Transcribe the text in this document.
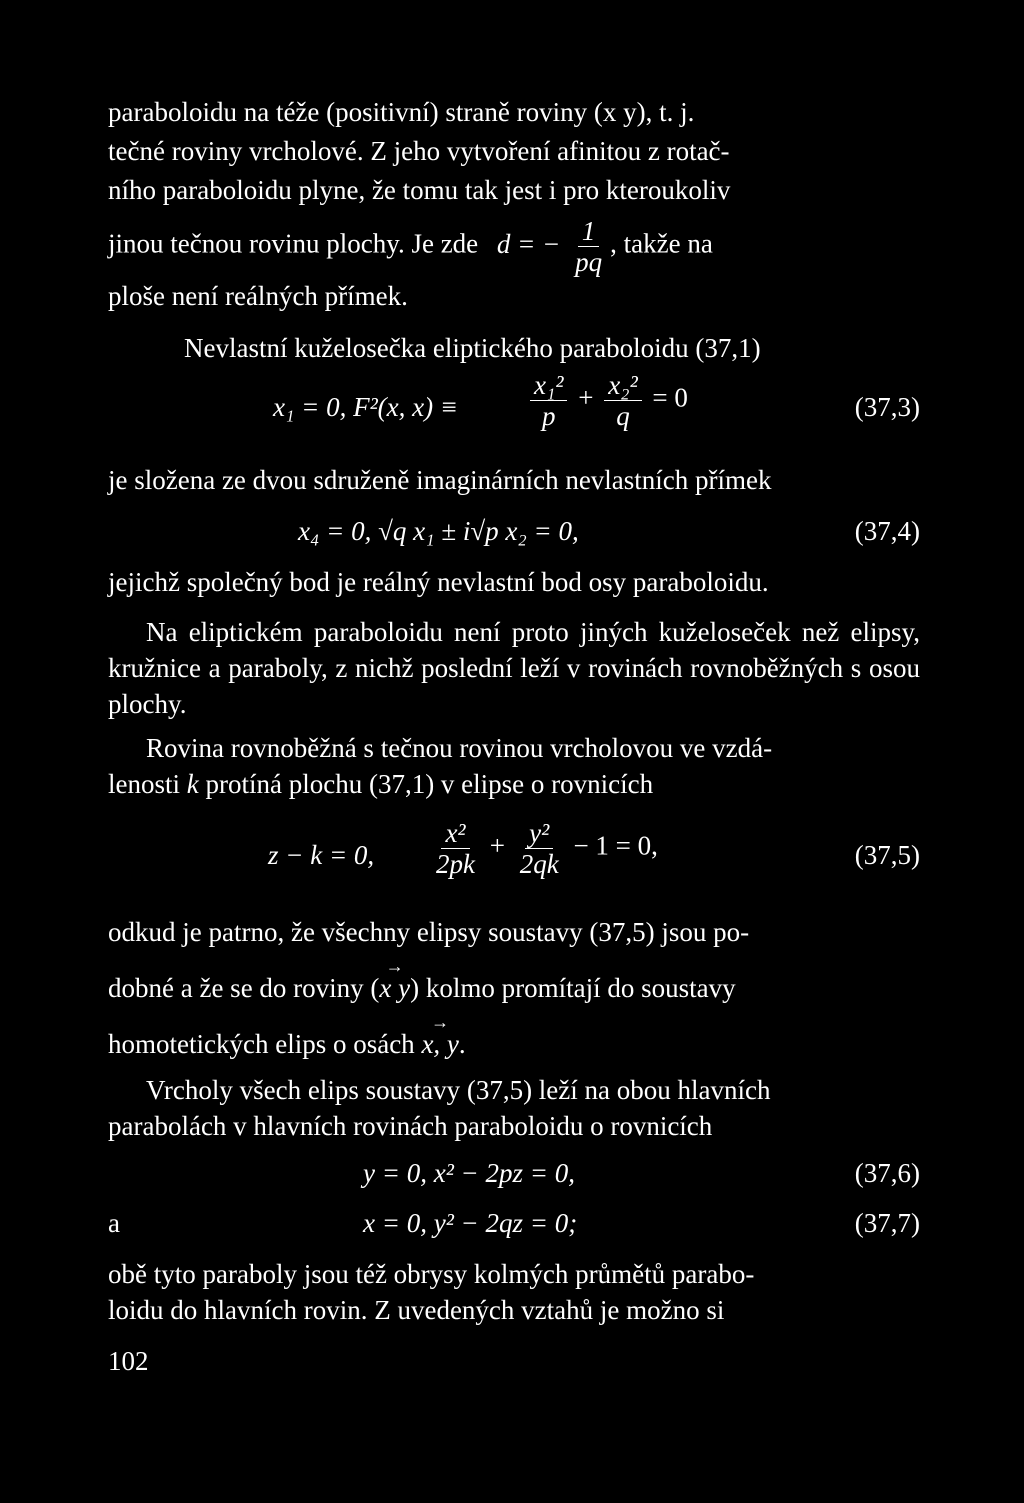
paraboloidu na téže (positivní) straně roviny (x y), t. j.
tečné roviny vrcholové. Z jeho vytvoření afinitou z rotač-
ního paraboloidu plyne, že tomu tak jest i pro kteroukoliv
jinou tečnou rovinu plochy. Je zde d = − $\frac{1}{pq}$ , takže na
ploše není reálných přímek.
Nevlastní kuželosečka eliptického paraboloidu (37,1)
x₁ = 0, F²(x, x) ≡	$\frac{\text{x₁²}}{p} + \frac{\text{x₂²}}{q} = 0$	(37,3)
je složena ze dvou sdruženě imaginárních nevlastních přímek
x₄ = 0, √q x₁ ± i√p x₂ = 0,	(37,4)
jejichž společný bod je reálný nevlastní bod osy paraboloidu.
Na eliptickém paraboloidu není proto jiných kuželoseček než elipsy, kružnice a paraboly, z nichž poslední leží v rovinách rovnoběžných s osou plochy.
Rovina rovnoběžná s tečnou rovinou vrcholovou ve vzdá-
lenosti k protíná plochu (37,1) v elipse o rovnicích
z − k = 0, $\frac{\text{x²}}{2pk} + \frac{\text{y²}}{2qk} - 1 = 0$,	(37,5)
odkud je patrno, že všechny elipsy soustavy (37,5) jsou po-
dobné a že se do roviny (→ x y) kolmo promítají do soustavy
homotetických elips o osách → x, y.
Vrcholy všech elips soustavy (37,5) leží na obou hlavních
parabolách v hlavních rovinách paraboloidu o rovnicích
y = 0, x² − 2pz = 0,	(37,6)
a	x = 0, y² − 2qz = 0;	(37,7)
obě tyto paraboly jsou též obrysy kolmých průmětů parabo-
loidu do hlavních rovin. Z uvedených vztahů je možno si
102
